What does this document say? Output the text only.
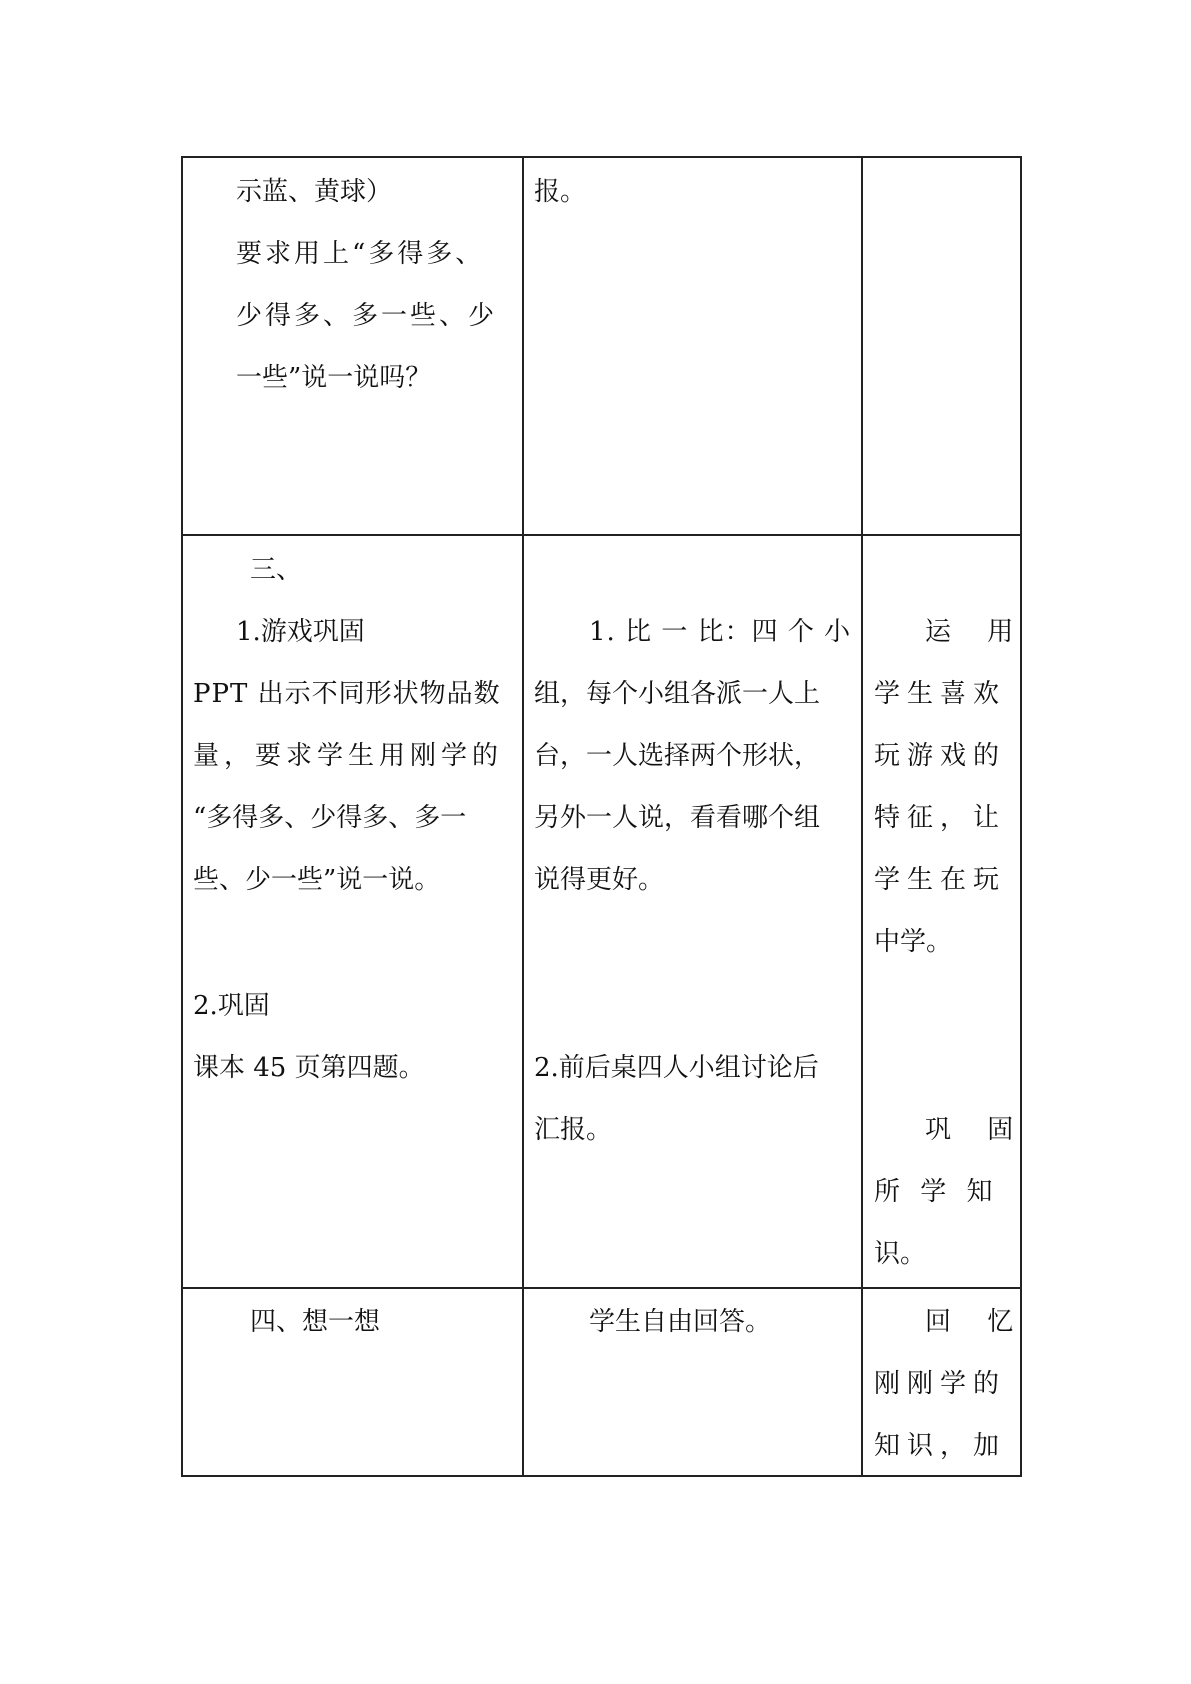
示蓝、黄球）
要求用上“多得多、
少得多、多一些、少
一些”说一说吗？
报。
三、
1.游戏巩固
PPT 出示不同形状物品数
量，要求学生用刚学的
“多得多、少得多、多一
些、少一些”说一说。
2.巩固
课本 45 页第四题。
1. 比 一 比：四 个 小
组，每个小组各派一人上
台，一人选择两个形状，
另外一人说，看看哪个组
说得更好。
2.前后桌四人小组讨论后
汇报。
运 用
学生喜欢
玩游戏的
特征，让
学生在玩
中学。
巩 固
所 学 知
识。
四、想一想	学生自由回答。	回 忆
刚刚学的
知识，加
